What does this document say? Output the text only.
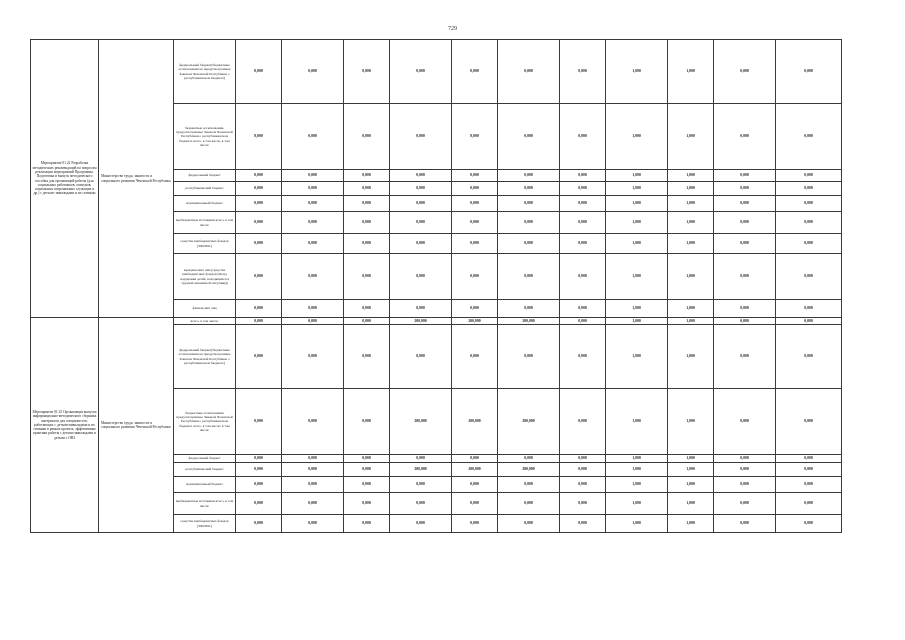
729
Мероприятие 01.22 Разработка методических рекомендаций по вопросам реализации мероприятий Программы. Подготовка и выпуск методического пособия для организаций работы (для социальных работников, опекунов, социальных патронажных служащих и др.) с детьми- инвалидами и их семьями	Министерство труда, занятости и социального развития Чеченской Республики	федеральный бюджет(бюджетные ассигнования не предусмотренные Законом Чеченской Республики о республиканском бюджете)	0,000	0,000	0,000	0,000	0,000	0,000	0,000	1,000	1,000	0,000	0,000
		бюджетные ассигнования, предусмотренные Законом Чеченской Республики о республиканском бюджете всего, в том числе, в том числе:	0,000	0,000	0,000	0,000	0,000	0,000	0,000	1,000	1,000	0,000	0,000
		федеральный бюджет	0,000	0,000	0,000	0,000	0,000	0,000	0,000	1,000	1,000	0,000	0,000
		республиканский бюджет	0,000	0,000	0,000	0,000	0,000	0,000	0,000	1,000	1,000	0,000	0,000
		муниципальный бюджет	0,000	0,000	0,000	0,000	0,000	0,000	0,000	1,000	1,000	0,000	0,000
		внебюджетные источники всего, в том числе:	0,000	0,000	0,000	0,000	0,000	0,000	0,000	1,000	1,000	0,000	0,000
		средства внебюджетных фондов (ТФОМС)	0,000	0,000	0,000	0,000	0,000	0,000	0,000	1,000	1,000	0,000	0,000
		юридических лиц (средства внебюджетных фондов (Фонд поддержки детей, находящихся в трудной жизненной ситуации))	0,000	0,000	0,000	0,000	0,000	0,000	0,000	1,000	1,000	0,000	0,000
		физических лиц	0,000	0,000	0,000	0,000	0,000	0,000	0,000	1,000	1,000	0,000	0,000
Мероприятие 01.23 Организация выпуска информационно-методического сборника материалов для специалистов, работающих с детьми-инвалидами и их семьями в рамках проекта, эффективные практики работы с детьми-инвалидами и детьми с ОВЗ	Министерство труда, занятости и социального развития Чеченской Республики	всего, в том числе:	0,000	0,000	0,000	200,000	200,000	200,000	0,000	1,000	1,000	0,000	0,000
		федеральный бюджет(бюджетные ассигнования не предусмотренные Законом Чеченской Республики о республиканском бюджете)	0,000	0,000	0,000	0,000	0,000	0,000	0,000	1,000	1,000	0,000	0,000
		бюджетные ассигнования предусмотренные Законом Чеченской Республики о республиканском бюджете всего, в том числе: в том числе:	0,000	0,000	0,000	200,000	200,000	200,000	0,000	1,000	1,000	0,000	0,000
		федеральный бюджет	0,000	0,000	0,000	0,000	0,000	0,000	0,000	1,000	1,000	0,000	0,000
		республиканский бюджет	0,000	0,000	0,000	200,000	200,000	200,000	0,000	1,000	1,000	0,000	0,000
		муниципальный бюджет	0,000	0,000	0,000	0,000	0,000	0,000	0,000	1,000	1,000	0,000	0,000
		внебюджетные источники всего, в том числе:	0,000	0,000	0,000	0,000	0,000	0,000	0,000	1,000	1,000	0,000	0,000
		средства внебюджетных фондов (ТФОМС)	0,000	0,000	0,000	0,000	0,000	0,000	0,000	1,000	1,000	0,000	0,000
